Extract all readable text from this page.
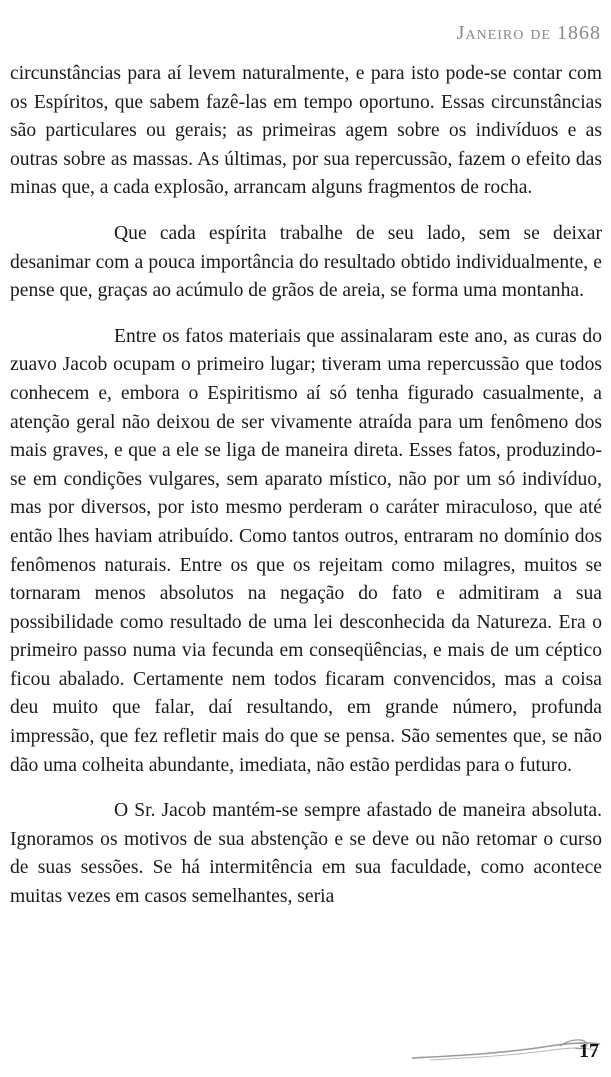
Janeiro de 1868

circunstâncias para aí levem naturalmente, e para isto pode-se contar com os Espíritos, que sabem fazê-las em tempo oportuno. Essas circunstâncias são particulares ou gerais; as primeiras agem sobre os indivíduos e as outras sobre as massas. As últimas, por sua repercussão, fazem o efeito das minas que, a cada explosão, arrancam alguns fragmentos de rocha.

Que cada espírita trabalhe de seu lado, sem se deixar desanimar com a pouca importância do resultado obtido individualmente, e pense que, graças ao acúmulo de grãos de areia, se forma uma montanha.

Entre os fatos materiais que assinalaram este ano, as curas do zuavo Jacob ocupam o primeiro lugar; tiveram uma repercussão que todos conhecem e, embora o Espiritismo aí só tenha figurado casualmente, a atenção geral não deixou de ser vivamente atraída para um fenômeno dos mais graves, e que a ele se liga de maneira direta. Esses fatos, produzindo-se em condições vulgares, sem aparato místico, não por um só indivíduo, mas por diversos, por isto mesmo perderam o caráter miraculoso, que até então lhes haviam atribuído. Como tantos outros, entraram no domínio dos fenômenos naturais. Entre os que os rejeitam como milagres, muitos se tornaram menos absolutos na negação do fato e admitiram a sua possibilidade como resultado de uma lei desconhecida da Natureza. Era o primeiro passo numa via fecunda em conseqüências, e mais de um céptico ficou abalado. Certamente nem todos ficaram convencidos, mas a coisa deu muito que falar, daí resultando, em grande número, profunda impressão, que fez refletir mais do que se pensa. São sementes que, se não dão uma colheita abundante, imediata, não estão perdidas para o futuro.

O Sr. Jacob mantém-se sempre afastado de maneira absoluta. Ignoramos os motivos de sua abstenção e se deve ou não retomar o curso de suas sessões. Se há intermitência em sua faculdade, como acontece muitas vezes em casos semelhantes, seria

17
